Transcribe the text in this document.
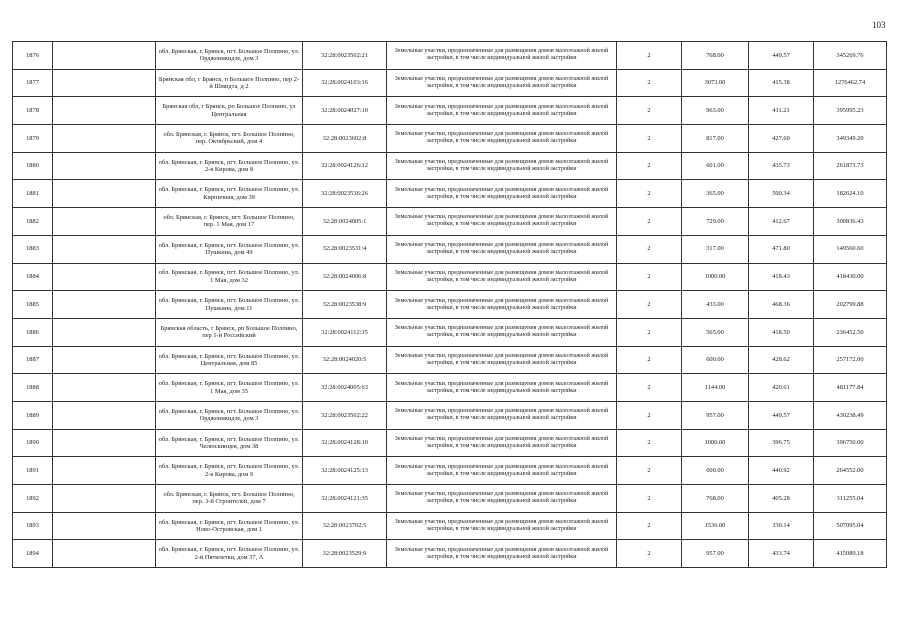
103
1876		обл. Брянская, г. Брянск, пгт. Большое Полпино, ул. Орджоникидзе, дом 3	32:28:0023502:21	Земельные участки, предназначенные для размещения домов малоэтажной жилой застройки, в том числе индивидуальной жилой застройки	2	768.00	449.57	345269.76
1877		Брянская обл, г Брянск, п Большое Полпино, пер 2-й Шмидта, д 2	32:28:0024103:16	Земельные участки, предназначенные для размещения домов малоэтажной жилой застройки, в том числе индивидуальной жилой застройки	2	3073.00	415.38	1276462.74
1878		Брянская обл, г Брянск, рп Большое Полпино, ул Центральная	32:28:0024027:10	Земельные участки, предназначенные для размещения домов малоэтажной жилой застройки, в том числе индивидуальной жилой застройки	2	963.00	411.21	395995.23
1879		обл. Брянская, г. Брянск, пгт. Большое Полпино, пер. Октябрьский, дом 4	32:28:0023602:8	Земельные участки, предназначенные для размещения домов малоэтажной жилой застройки, в том числе индивидуальной жилой застройки	2	817.00	427.60	349349.20
1880		обл. Брянская, г. Брянск, пгт. Большое Полпино, ул. 2-я Кирова, дом 8	32:28:0024126:12	Земельные участки, предназначенные для размещения домов малоэтажной жилой застройки, в том числе индивидуальной жилой застройки	2	601.00	435.73	261873.73
1881		обл. Брянская, г. Брянск, пгт. Большое Полпино, ул. Кирпичная, дом 39	32:28:0023536:26	Земельные участки, предназначенные для размещения домов малоэтажной жилой застройки, в том числе индивидуальной жилой застройки	2	365.00	500.34	182624.10
1882		обл. Брянская, г. Брянск, пгт. Большое Полпино, пер. 1 Мая, дом 17	32:28:0024005:1	Земельные участки, предназначенные для размещения домов малоэтажной жилой застройки, в том числе индивидуальной жилой застройки	2	729.00	412.67	300836.43
1883		обл. Брянская, г. Брянск, пгт. Большое Полпино, ул. Пушкина, дом 49	32:28:0023531:4	Земельные участки, предназначенные для размещения домов малоэтажной жилой застройки, в том числе индивидуальной жилой застройки	2	317.00	471.80	149560.60
1884		обл. Брянская, г. Брянск, пгт. Большое Полпино, ул. 1 Мая, дом 32	32:28:0024006:8	Земельные участки, предназначенные для размещения домов малоэтажной жилой застройки, в том числе индивидуальной жилой застройки	2	1000.00	418.43	418430.00
1885		обл. Брянская, г. Брянск, пгт. Большое Полпино, ул. Пушкина, дом 11	32:28:0023538:9	Земельные участки, предназначенные для размещения домов малоэтажной жилой застройки, в том числе индивидуальной жилой застройки	2	433.00	468.36	202799.88
1886		Брянская область, г Брянск, рп Большое Полпино, пер 1-й Российский	32:28:0024112:35	Земельные участки, предназначенные для размещения домов малоэтажной жилой застройки, в том числе индивидуальной жилой застройки	2	565.00	418.50	236452.50
1887		обл. Брянская, г. Брянск, пгт. Большое Полпино, ул. Центральная, дом 85	32:28:0024020:5	Земельные участки, предназначенные для размещения домов малоэтажной жилой застройки, в том числе индивидуальной жилой застройки	2	600.00	428.62	257172.00
1888		обл. Брянская, г. Брянск, пгт. Большое Полпино, ул. 1 Мая, дом 35	32:28:0024005:63	Земельные участки, предназначенные для размещения домов малоэтажной жилой застройки, в том числе индивидуальной жилой застройки	2	1144.00	420.61	481177.84
1889		обл. Брянская, г. Брянск, пгт. Большое Полпино, ул. Орджоникидзе, дом 3	32:28:0023502:22	Земельные участки, предназначенные для размещения домов малоэтажной жилой застройки, в том числе индивидуальной жилой застройки	2	957.00	449.57	430238.49
1890		обл. Брянская, г. Брянск, пгт. Большое Полпино, ул. Челюскинцев, дом 38	32:28:0024128:10	Земельные участки, предназначенные для размещения домов малоэтажной жилой застройки, в том числе индивидуальной жилой застройки	2	1000.00	396.75	396750.00
1891		обл. Брянская, г. Брянск, пгт. Большое Полпино, ул. 2-я Кирова, дом 9	32:28:0024125:13	Земельные участки, предназначенные для размещения домов малоэтажной жилой застройки, в том числе индивидуальной жилой застройки	2	600.00	440.92	264552.00
1892		обл. Брянская, г. Брянск, пгт. Большое Полпино, пер. 3-й Строителей, дом 7	32:28:0024121:35	Земельные участки, предназначенные для размещения домов малоэтажной жилой застройки, в том числе индивидуальной жилой застройки	2	768.00	405.28	311255.04
1893		обл. Брянская, г. Брянск, пгт. Большое Полпино, ул. Ново-Островская, дом 1	32:28:0023702:5	Земельные участки, предназначенные для размещения домов малоэтажной жилой застройки, в том числе индивидуальной жилой застройки	2	1536.00	330.14	507095.04
1894		обл. Брянская, г. Брянск, пгт. Большое Полпино, ул. 2-й Пятилетки, дом 37, А	32:28:0023529:9	Земельные участки, предназначенные для размещения домов малоэтажной жилой застройки, в том числе индивидуальной жилой застройки	2	957.00	433.74	415089.18
